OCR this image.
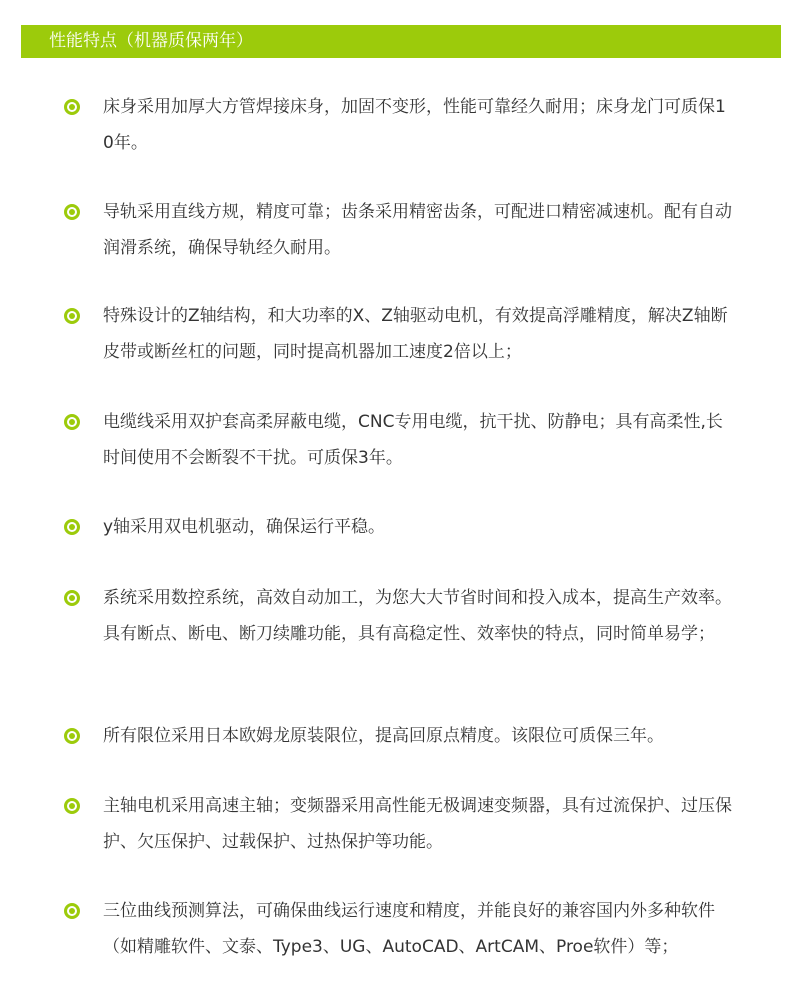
性能特点（机器质保两年）
床身采用加厚大方管焊接床身，加固不变形，性能可靠经久耐用；床身龙门可质保10年。
导轨采用直线方规，精度可靠；齿条采用精密齿条，可配进口精密减速机。配有自动润滑系统，确保导轨经久耐用。
特殊设计的Z轴结构，和大功率的X、Z轴驱动电机，有效提高浮雕精度，解决Z轴断皮带或断丝杠的问题，同时提高机器加工速度2倍以上；
电缆线采用双护套高柔屏蔽电缆，CNC专用电缆，抗干扰、防静电；具有高柔性,长时间使用不会断裂不干扰。可质保3年。
y轴采用双电机驱动，确保运行平稳。
系统采用数控系统，高效自动加工，为您大大节省时间和投入成本，提高生产效率。具有断点、断电、断刀续雕功能，具有高稳定性、效率快的特点，同时简单易学；
所有限位采用日本欧姆龙原装限位，提高回原点精度。该限位可质保三年。
主轴电机采用高速主轴；变频器采用高性能无极调速变频器，具有过流保护、过压保护、欠压保护、过载保护、过热保护等功能。
三位曲线预测算法，可确保曲线运行速度和精度，并能良好的兼容国内外多种软件（如精雕软件、文泰、Type3、UG、AutoCAD、ArtCAM、Proe软件）等；
